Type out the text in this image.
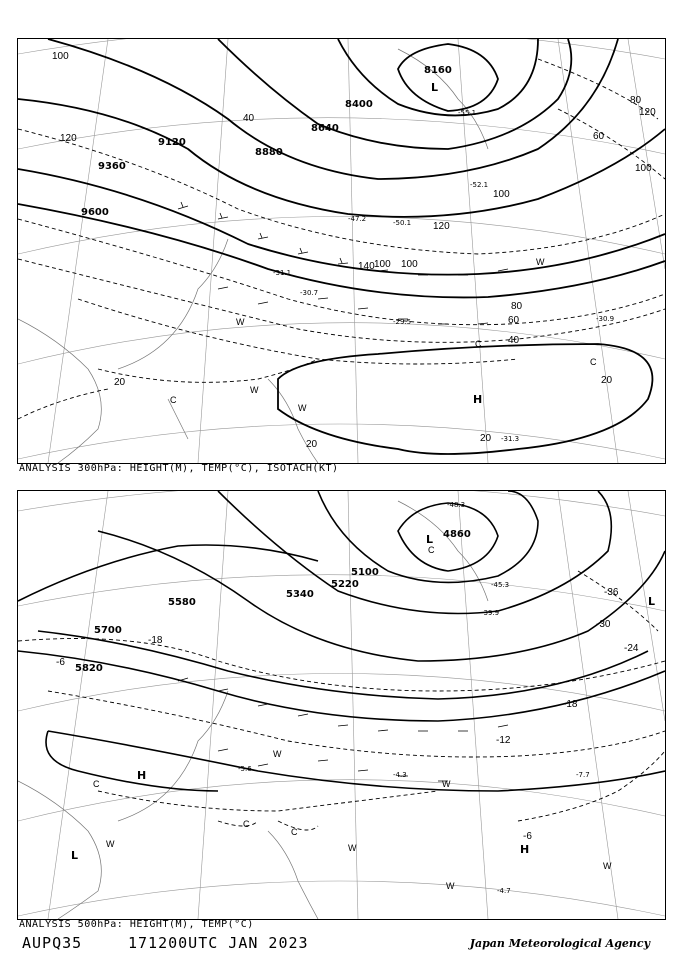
9120
9360
9600
8880
8640
8400
8160
100
120
140
120
100
80
60
40
20	20
20
20
40
60
80
100
120
100 100
-50.1
-47.2
-31.1
-30.7
-29.5	-30.9
-55.1
-52.1
-31.3
L
H
W
W
W
C
C
C
W
ANALYSIS 300hPa: HEIGHT(M), TEMP(°C), ISOTACH(KT)
5700
5820
5580
5340
5220
5100
4860
-18
-6
-36
-30
-24
-18
-12
-6
-48.3
-45.3
-39.9
-7.7
-4.7
-5.6
-4.3
L
L
L
H
H
C
C
C
C
W	W
W
W
W
W
ANALYSIS 500hPa: HEIGHT(M), TEMP(°C)
AUPQ35	171200UTC JAN 2023	Japan Meteorological Agency
